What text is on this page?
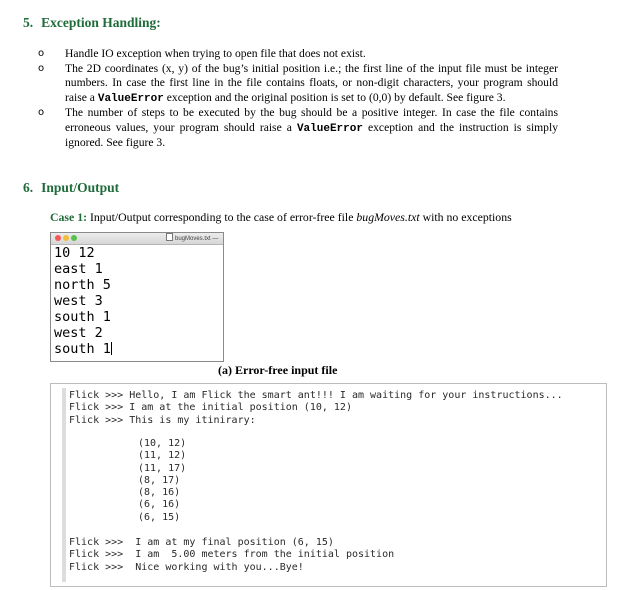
5. Exception Handling:
o Handle IO exception when trying to open file that does not exist.
o The 2D coordinates (x, y) of the bug’s initial position i.e.; the first line of the input file must be integer numbers. In case the first line in the file contains floats, or non-digit characters, your program should raise a ValueError exception and the original position is set to (0,0) by default. See figure 3.
o The number of steps to be executed by the bug should be a positive integer. In case the file contains erroneous values, your program should raise a ValueError exception and the instruction is simply ignored. See figure 3.
6. Input/Output
Case 1: Input/Output corresponding to the case of error-free file bugMoves.txt with no exceptions
bugMoves.txt —
10 12
east 1
north 5
west 3
south 1
west 2
south 1
(a) Error-free input file
Flick >>> Hello, I am Flick the smart ant!!! I am waiting for your instructions...
Flick >>> I am at the initial position (10, 12)
Flick >>> This is my itinirary:
(10, 12)
(11, 12)
(11, 17)
(8, 17)
(8, 16)
(6, 16)
(6, 15)
Flick >>>  I am at my final position (6, 15)
Flick >>>  I am  5.00 meters from the initial position
Flick >>>  Nice working with you...Bye!
